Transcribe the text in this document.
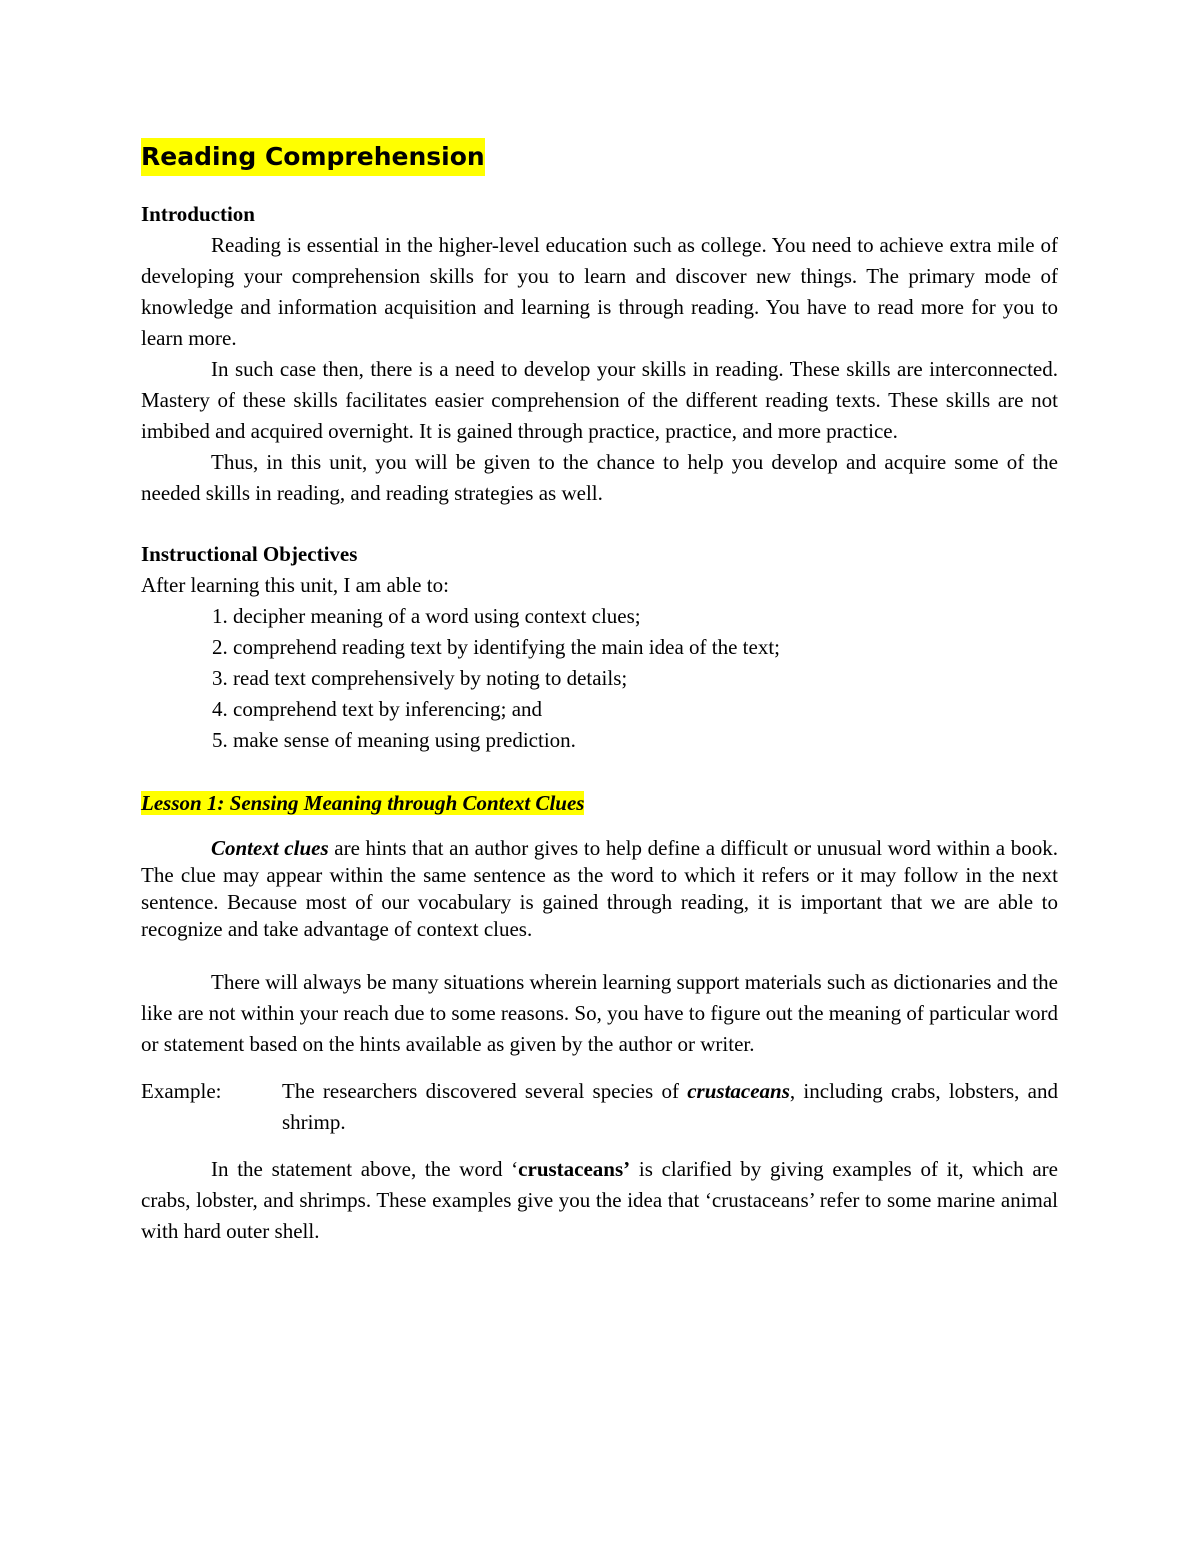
Reading Comprehension
Introduction

Reading is essential in the higher-level education such as college. You need to achieve extra mile of developing your comprehension skills for you to learn and discover new things. The primary mode of knowledge and information acquisition and learning is through reading. You have to read more for you to learn more.

In such case then, there is a need to develop your skills in reading. These skills are interconnected. Mastery of these skills facilitates easier comprehension of the different reading texts. These skills are not imbibed and acquired overnight. It is gained through practice, practice, and more practice.

Thus, in this unit, you will be given to the chance to help you develop and acquire some of the needed skills in reading, and reading strategies as well.

Instructional Objectives
After learning this unit, I am able to:
1. decipher meaning of a word using context clues;
2. comprehend reading text by identifying the main idea of the text;
3. read text comprehensively by noting to details;
4. comprehend text by inferencing; and
5. make sense of meaning using prediction.
Lesson 1: Sensing Meaning through Context Clues

Context clues are hints that an author gives to help define a difficult or unusual word within a book. The clue may appear within the same sentence as the word to which it refers or it may follow in the next sentence. Because most of our vocabulary is gained through reading, it is important that we are able to recognize and take advantage of context clues.

There will always be many situations wherein learning support materials such as dictionaries and the like are not within your reach due to some reasons. So, you have to figure out the meaning of particular word or statement based on the hints available as given by the author or writer.

Example:	The researchers discovered several species of crustaceans, including crabs, lobsters, and shrimp.

In the statement above, the word ‘crustaceans’ is clarified by giving examples of it, which are crabs, lobster, and shrimps. These examples give you the idea that ‘crustaceans’ refer to some marine animal with hard outer shell.
